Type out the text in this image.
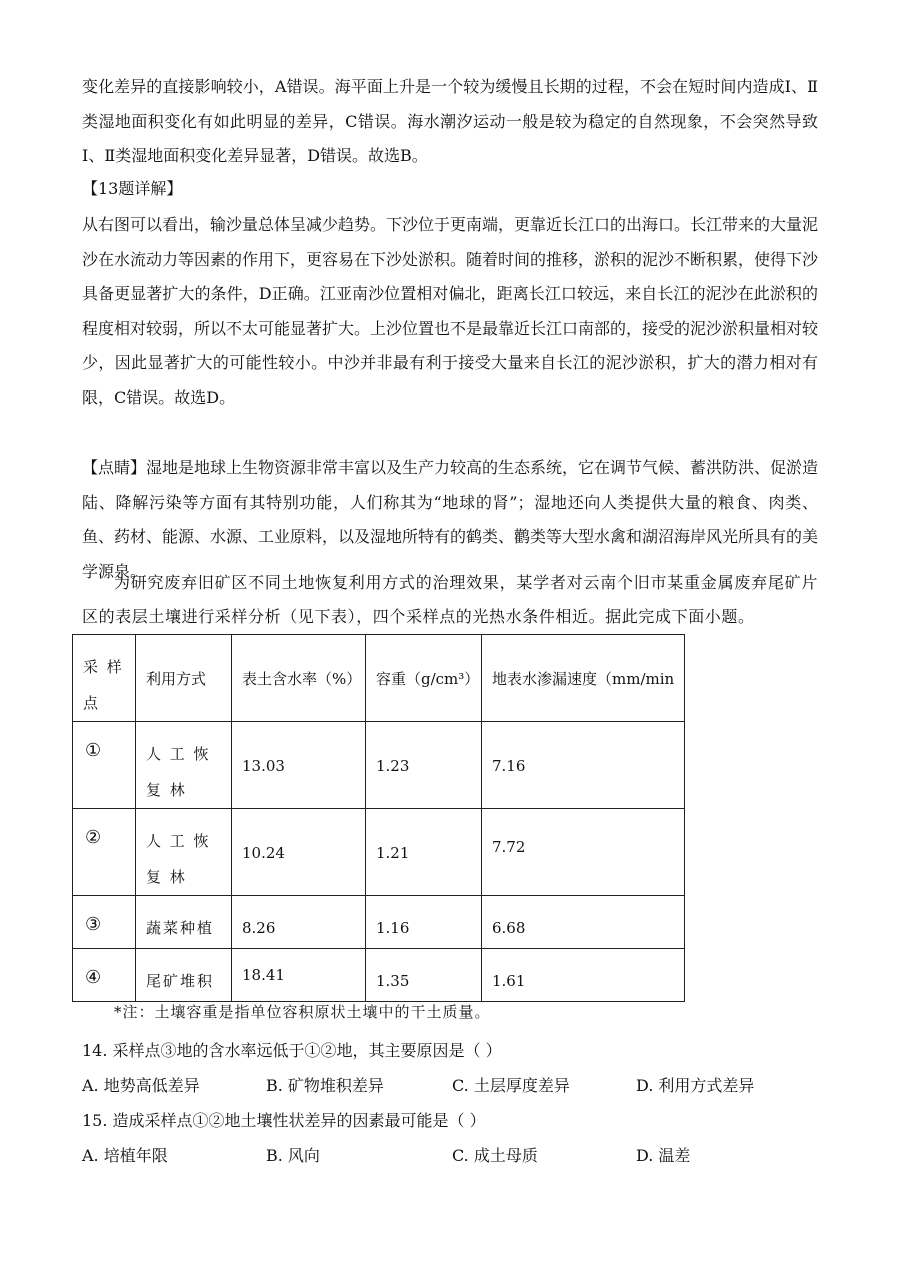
变化差异的直接影响较小，A错误。海平面上升是一个较为缓慢且长期的过程，不会在短时间内造成Ⅰ、Ⅱ类湿地面积变化有如此明显的差异，C错误。海水潮汐运动一般是较为稳定的自然现象，不会突然导致Ⅰ、Ⅱ类湿地面积变化差异显著，D错误。故选B。

【13题详解】

从右图可以看出，输沙量总体呈减少趋势。下沙位于更南端，更靠近长江口的出海口。长江带来的大量泥沙在水流动力等因素的作用下，更容易在下沙处淤积。随着时间的推移，淤积的泥沙不断积累，使得下沙具备更显著扩大的条件，D正确。江亚南沙位置相对偏北，距离长江口较远，来自长江的泥沙在此淤积的程度相对较弱，所以不太可能显著扩大。上沙位置也不是最靠近长江口南部的，接受的泥沙淤积量相对较少，因此显著扩大的可能性较小。中沙并非最有利于接受大量来自长江的泥沙淤积，扩大的潜力相对有限，C错误。故选D。

【点睛】湿地是地球上生物资源非常丰富以及生产力较高的生态系统，它在调节气候、蓄洪防洪、促淤造陆、降解污染等方面有其特别功能，人们称其为“地球的肾”；湿地还向人类提供大量的粮食、肉类、鱼、药材、能源、水源、工业原料，以及湿地所特有的鹤类、鹳类等大型水禽和湖沼海岸风光所具有的美学源泉。

为研究废弃旧矿区不同土地恢复利用方式的治理效果，某学者对云南个旧市某重金属废弃尾矿片区的表层土壤进行采样分析（见下表），四个采样点的光热水条件相近。据此完成下面小题。

采 样 点	利用方式	表土含水率（%）	容重（g/cm³）	地表水渗漏速度（mm/min

①	人 工 恢 复 林	13.03	1.23	7.16

②	人 工 恢 复 林	10.24	1.21	7.72

③	蔬菜种植	8.26	1.16	6.68

④	尾矿堆积	18.41	1.35	1.61

*注：土壤容重是指单位容积原状土壤中的干土质量。

14. 采样点③地的含水率远低于①②地，其主要原因是（ ）

A. 地势高低差异	B. 矿物堆积差异	C. 土层厚度差异	D. 利用方式差异

15. 造成采样点①②地土壤性状差异的因素最可能是（ ）

A. 培植年限	B. 风向	C. 成土母质	D. 温差
